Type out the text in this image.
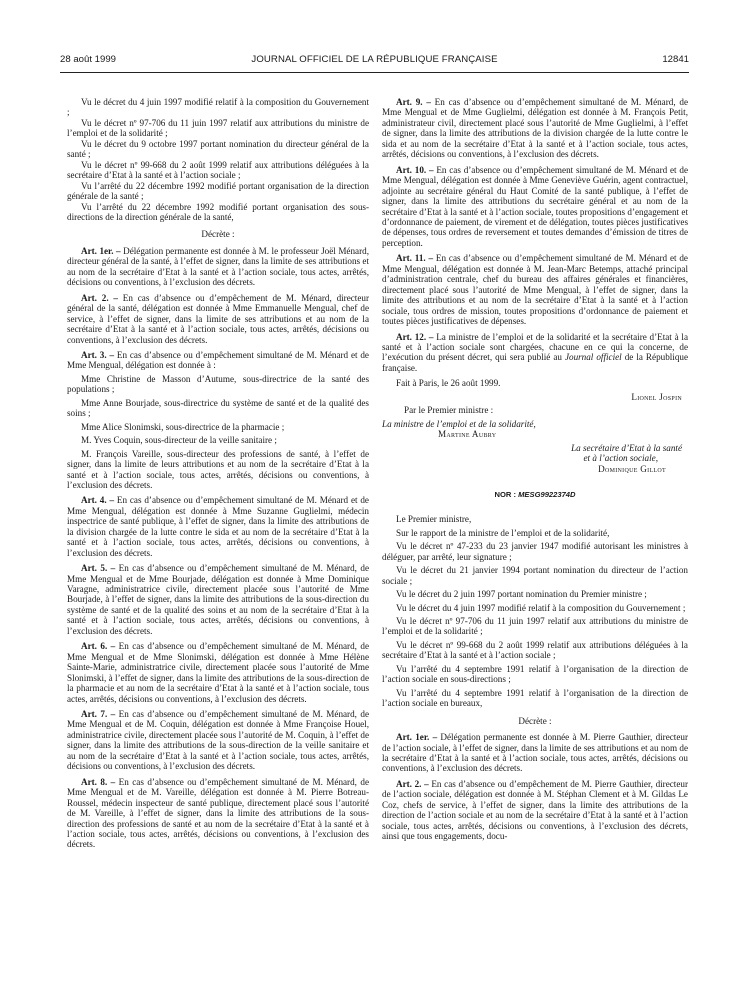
28 août 1999	JOURNAL OFFICIEL DE LA RÉPUBLIQUE FRANÇAISE	12841

Vu le décret du 4 juin 1997 modifié relatif à la composition du Gouvernement ;

Vu le décret nº 97-706 du 11 juin 1997 relatif aux attributions du ministre de l’emploi et de la solidarité ;

Vu le décret du 9 octobre 1997 portant nomination du directeur général de la santé ;

Vu le décret nº 99-668 du 2 août 1999 relatif aux attributions déléguées à la secrétaire d’Etat à la santé et à l’action sociale ;

Vu l’arrêté du 22 décembre 1992 modifié portant organisation de la direction générale de la santé ;

Vu l’arrêté du 22 décembre 1992 modifié portant organisation des sous-directions de la direction générale de la santé,

Décrète :

Art. 1er. – Délégation permanente est donnée à M. le professeur Joël Ménard, directeur général de la santé, à l’effet de signer, dans la limite de ses attributions et au nom de la secrétaire d’Etat à la santé et à l’action sociale, tous actes, arrêtés, décisions ou conventions, à l’exclusion des décrets.

Art. 2. – En cas d’absence ou d’empêchement de M. Ménard, directeur général de la santé, délégation est donnée à Mme Emmanuelle Mengual, chef de service, à l’effet de signer, dans la limite de ses attributions et au nom de la secrétaire d’Etat à la santé et à l’action sociale, tous actes, arrêtés, décisions ou conventions, à l’exclusion des décrets.

Art. 3. – En cas d’absence ou d’empêchement simultané de M. Ménard et de Mme Mengual, délégation est donnée à :

Mme Christine de Masson d’Autume, sous-directrice de la santé des populations ;

Mme Anne Bourjade, sous-directrice du système de santé et de la qualité des soins ;

Mme Alice Slonimski, sous-directrice de la pharmacie ;

M. Yves Coquin, sous-directeur de la veille sanitaire ;

M. François Vareille, sous-directeur des professions de santé, à l’effet de signer, dans la limite de leurs attributions et au nom de la secrétaire d’Etat à la santé et à l’action sociale, tous actes, arrêtés, décisions ou conventions, à l’exclusion des décrets.

Art. 4. – En cas d’absence ou d’empêchement simultané de M. Ménard et de Mme Mengual, délégation est donnée à Mme Suzanne Guglielmi, médecin inspectrice de santé publique, à l’effet de signer, dans la limite des attributions de la division chargée de la lutte contre le sida et au nom de la secrétaire d’Etat à la santé et à l’action sociale, tous actes, arrêtés, décisions ou conventions, à l’exclusion des décrets.

Art. 5. – En cas d’absence ou d’empêchement simultané de M. Ménard, de Mme Mengual et de Mme Bourjade, délégation est donnée à Mme Dominique Varagne, administratrice civile, directement placée sous l’autorité de Mme Bourjade, à l’effet de signer, dans la limite des attributions de la sous-direction du système de santé et de la qualité des soins et au nom de la secrétaire d’Etat à la santé et à l’action sociale, tous actes, arrêtés, décisions ou conventions, à l’exclusion des décrets.

Art. 6. – En cas d’absence ou d’empêchement simultané de M. Ménard, de Mme Mengual et de Mme Slonimski, délégation est donnée à Mme Hélène Sainte-Marie, administratrice civile, directement placée sous l’autorité de Mme Slonimski, à l’effet de signer, dans la limite des attributions de la sous-direction de la pharmacie et au nom de la secrétaire d’Etat à la santé et à l’action sociale, tous actes, arrêtés, décisions ou conventions, à l’exclusion des décrets.

Art. 7. – En cas d’absence ou d’empêchement simultané de M. Ménard, de Mme Mengual et de M. Coquin, délégation est donnée à Mme Françoise Houel, administratrice civile, directement placée sous l’autorité de M. Coquin, à l’effet de signer, dans la limite des attributions de la sous-direction de la veille sanitaire et au nom de la secrétaire d’Etat à la santé et à l’action sociale, tous actes, arrêtés, décisions ou conventions, à l’exclusion des décrets.

Art. 8. – En cas d’absence ou d’empêchement simultané de M. Ménard, de Mme Mengual et de M. Vareille, délégation est donnée à M. Pierre Botreau-Roussel, médecin inspecteur de santé publique, directement placé sous l’autorité de M. Vareille, à l’effet de signer, dans la limite des attributions de la sous-direction des professions de santé et au nom de la secrétaire d’Etat à la santé et à l’action sociale, tous actes, arrêtés, décisions ou conventions, à l’exclusion des décrets.

Art. 9. – En cas d’absence ou d’empêchement simultané de M. Ménard, de Mme Mengual et de Mme Guglielmi, délégation est donnée à M. François Petit, administrateur civil, directement placé sous l’autorité de Mme Guglielmi, à l’effet de signer, dans la limite des attributions de la division chargée de la lutte contre le sida et au nom de la secrétaire d’Etat à la santé et à l’action sociale, tous actes, arrêtés, décisions ou conventions, à l’exclusion des décrets.

Art. 10. – En cas d’absence ou d’empêchement simultané de M. Ménard et de Mme Mengual, délégation est donnée à Mme Geneviève Guérin, agent contractuel, adjointe au secrétaire général du Haut Comité de la santé publique, à l’effet de signer, dans la limite des attributions du secrétaire général et au nom de la secrétaire d’Etat à la santé et à l’action sociale, toutes propositions d’engagement et d’ordonnance de paiement, de virement et de délégation, toutes pièces justificatives de dépenses, tous ordres de reversement et toutes demandes d’émission de titres de perception.

Art. 11. – En cas d’absence ou d’empêchement simultané de M. Ménard et de Mme Mengual, délégation est donnée à M. Jean-Marc Betemps, attaché principal d’administration centrale, chef du bureau des affaires générales et financières, directement placé sous l’autorité de Mme Mengual, à l’effet de signer, dans la limite des attributions et au nom de la secrétaire d’Etat à la santé et à l’action sociale, tous ordres de mission, toutes propositions d’ordonnance de paiement et toutes pièces justificatives de dépenses.

Art. 12. – La ministre de l’emploi et de la solidarité et la secrétaire d’Etat à la santé et à l’action sociale sont chargées, chacune en ce qui la concerne, de l’exécution du présent décret, qui sera publié au Journal officiel de la République française.

Fait à Paris, le 26 août 1999.

Lionel Jospin

Par le Premier ministre :

La ministre de l’emploi et de la solidarité,

Martine Aubry

La secrétaire d’Etat à la santé

et à l’action sociale,

Dominique Gillot

NOR : MESG9922374D

Le Premier ministre,

Sur le rapport de la ministre de l’emploi et de la solidarité,

Vu le décret nº 47-233 du 23 janvier 1947 modifié autorisant les ministres à déléguer, par arrêté, leur signature ;

Vu le décret du 21 janvier 1994 portant nomination du directeur de l’action sociale ;

Vu le décret du 2 juin 1997 portant nomination du Premier ministre ;

Vu le décret du 4 juin 1997 modifié relatif à la composition du Gouvernement ;

Vu le décret nº 97-706 du 11 juin 1997 relatif aux attributions du ministre de l’emploi et de la solidarité ;

Vu le décret nº 99-668 du 2 août 1999 relatif aux attributions déléguées à la secrétaire d’Etat à la santé et à l’action sociale ;

Vu l’arrêté du 4 septembre 1991 relatif à l’organisation de la direction de l’action sociale en sous-directions ;

Vu l’arrêté du 4 septembre 1991 relatif à l’organisation de la direction de l’action sociale en bureaux,

Décrète :

Art. 1er. – Délégation permanente est donnée à M. Pierre Gauthier, directeur de l’action sociale, à l’effet de signer, dans la limite de ses attributions et au nom de la secrétaire d’Etat à la santé et à l’action sociale, tous actes, arrêtés, décisions ou conventions, à l’exclusion des décrets.

Art. 2. – En cas d’absence ou d’empêchement de M. Pierre Gauthier, directeur de l’action sociale, délégation est donnée à M. Stéphan Clement et à M. Gildas Le Coz, chefs de service, à l’effet de signer, dans la limite des attributions de la direction de l’action sociale et au nom de la secrétaire d’Etat à la santé et à l’action sociale, tous actes, arrêtés, décisions ou conventions, à l’exclusion des décrets, ainsi que tous engagements, docu-
